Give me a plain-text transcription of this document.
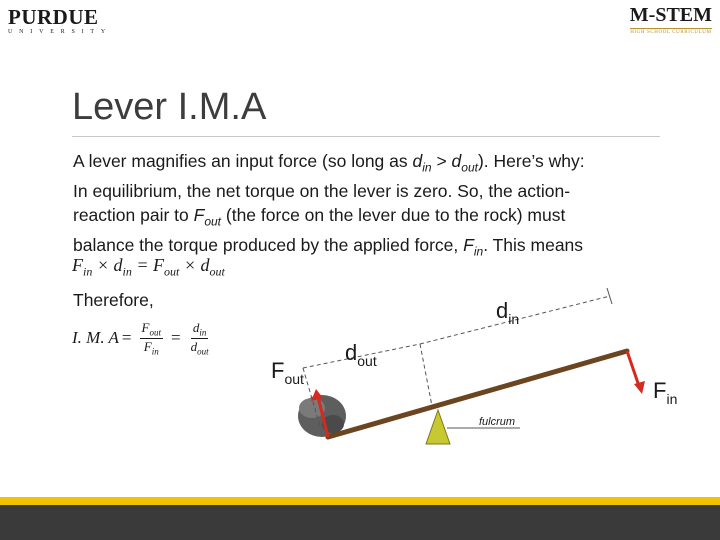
PURDUE
UNIVERSITY
M-STEM
HIGH SCHOOL CURRICULUM
Lever I.M.A

A lever magnifies an input force (so long as $d_{in} > d_{out}$). Here’s why:
In equilibrium, the net torque on the lever is zero. So, the action-
reaction pair to $F_{out}$ (the force on the lever due to the rock) must
balance the torque produced by the applied force, $F_{in}$. This means

$F_{in} \times d_{in} = F_{out} \times d_{out}$
Therefore,
I. M. $A = \frac{F_{out}}{F_{in}} = \frac{d_{in}}{d_{out}}$
$F_{out}$
$d_{out}$
$d_{in}$
$F_{in}$
fulcrum
